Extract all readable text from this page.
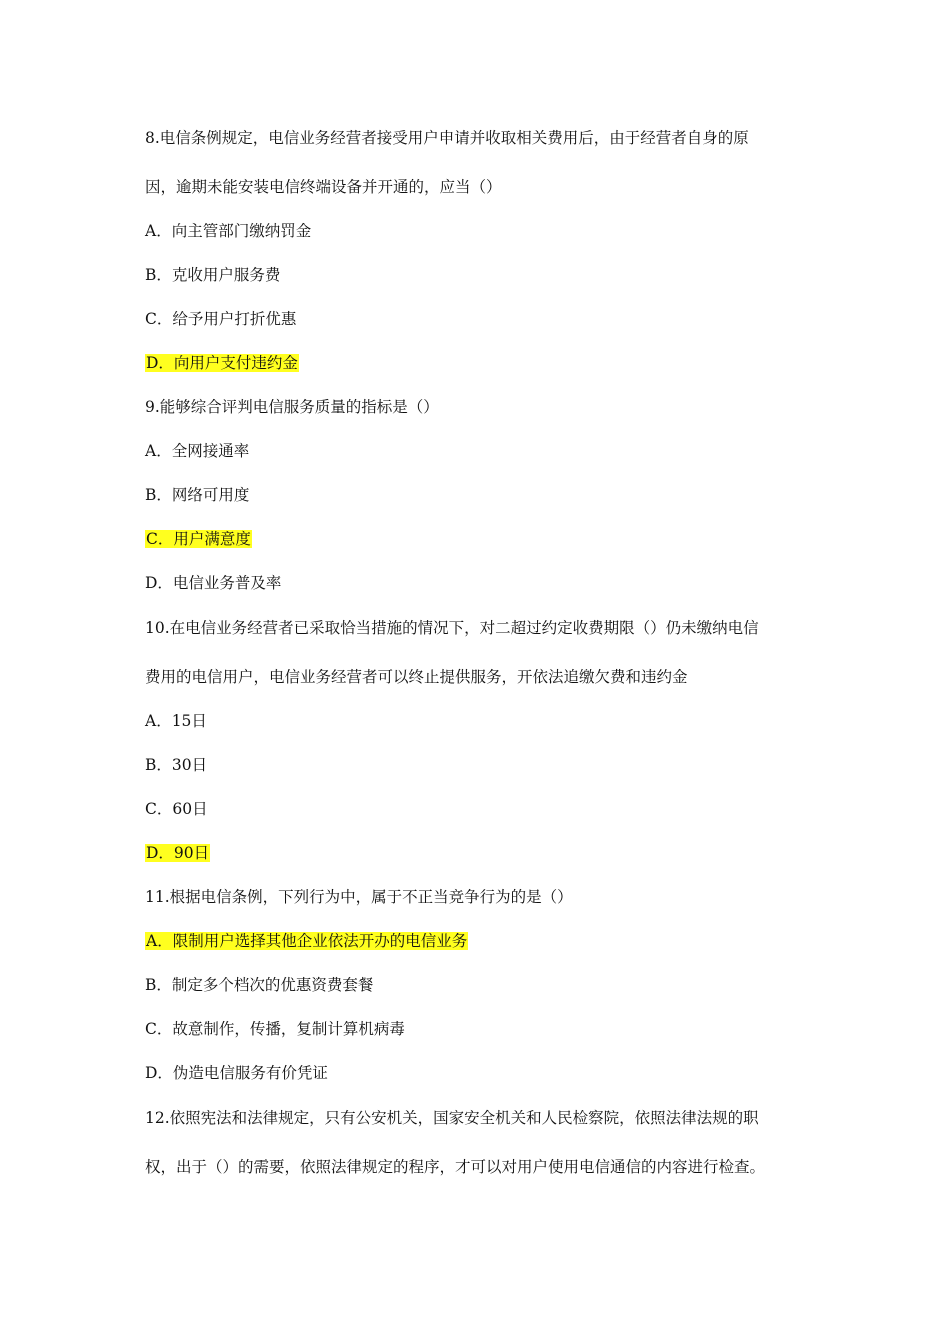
8.电信条例规定，电信业务经营者接受用户申请并收取相关费用后，由于经营者自身的原
因，逾期未能安装电信终端设备并开通的，应当（）
A．向主管部门缴纳罚金
B．克收用户服务费
C．给予用户打折优惠
D．向用户支付违约金
9.能够综合评判电信服务质量的指标是（）
A．全网接通率
B．网络可用度
C．用户满意度
D．电信业务普及率
10.在电信业务经营者已采取恰当措施的情况下，对二超过约定收费期限（）仍未缴纳电信
费用的电信用户，电信业务经营者可以终止提供服务，开依法追缴欠费和违约金
A．15日
B．30日
C．60日
D．90日
11.根据电信条例，下列行为中，属于不正当竞争行为的是（）
A．限制用户选择其他企业依法开办的电信业务
B．制定多个档次的优惠资费套餐
C．故意制作，传播，复制计算机病毒
D．伪造电信服务有价凭证
12.依照宪法和法律规定，只有公安机关，国家安全机关和人民检察院，依照法律法规的职
权，出于（）的需要，依照法律规定的程序，才可以对用户使用电信通信的内容进行检查。
